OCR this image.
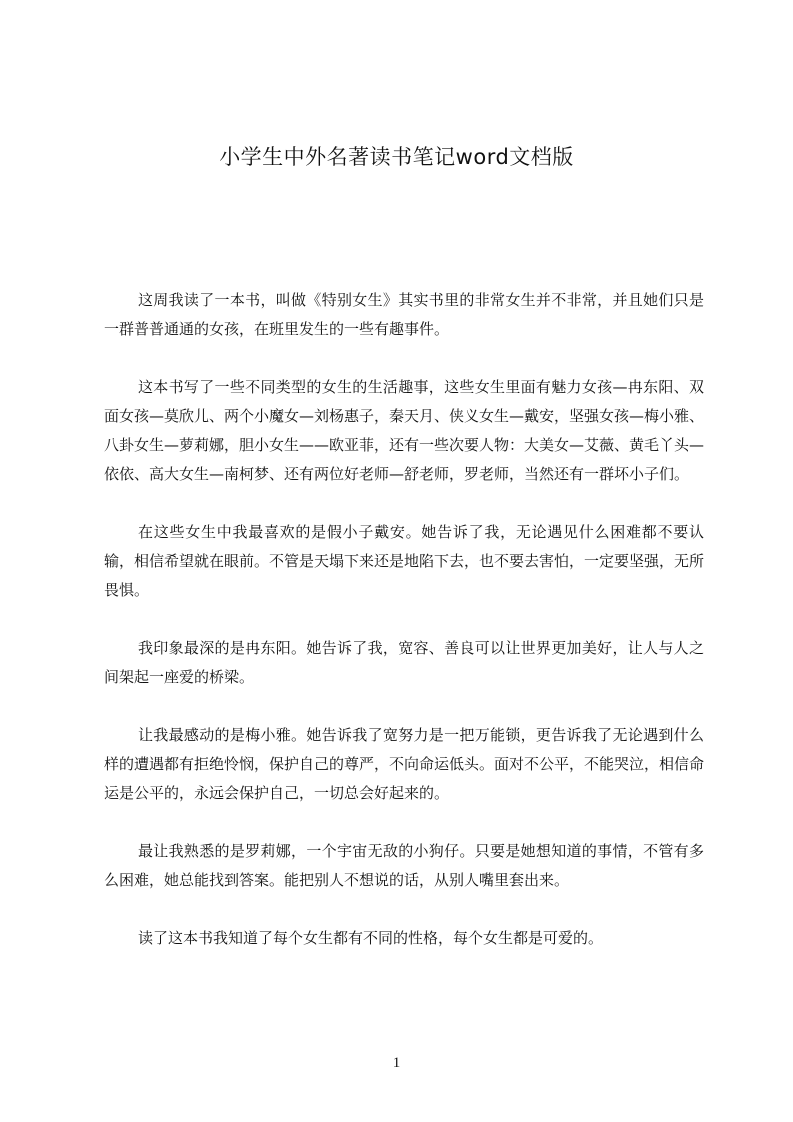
小学生中外名著读书笔记word文档版

这周我读了一本书，叫做《特别女生》其实书里的非常女生并不非常，并且她们只是一群普普通通的女孩，在班里发生的一些有趣事件。

这本书写了一些不同类型的女生的生活趣事，这些女生里面有魅力女孩—冉东阳、双面女孩—莫欣儿、两个小魔女—刘杨惠子，秦天月、侠义女生—戴安，坚强女孩—梅小雅、八卦女生—萝莉娜，胆小女生——欧亚菲，还有一些次要人物：大美女—艾薇、黄毛丫头—依依、高大女生—南柯梦、还有两位好老师—舒老师，罗老师，当然还有一群坏小子们。

在这些女生中我最喜欢的是假小子戴安。她告诉了我，无论遇见什么困难都不要认输，相信希望就在眼前。不管是天塌下来还是地陷下去，也不要去害怕，一定要坚强，无所畏惧。

我印象最深的是冉东阳。她告诉了我，宽容、善良可以让世界更加美好，让人与人之间架起一座爱的桥梁。

让我最感动的是梅小雅。她告诉我了宽努力是一把万能锁，更告诉我了无论遇到什么样的遭遇都有拒绝怜悯，保护自己的尊严，不向命运低头。面对不公平，不能哭泣，相信命运是公平的，永远会保护自己，一切总会好起来的。

最让我熟悉的是罗莉娜，一个宇宙无敌的小狗仔。只要是她想知道的事情，不管有多么困难，她总能找到答案。能把别人不想说的话，从别人嘴里套出来。

读了这本书我知道了每个女生都有不同的性格，每个女生都是可爱的。

1
